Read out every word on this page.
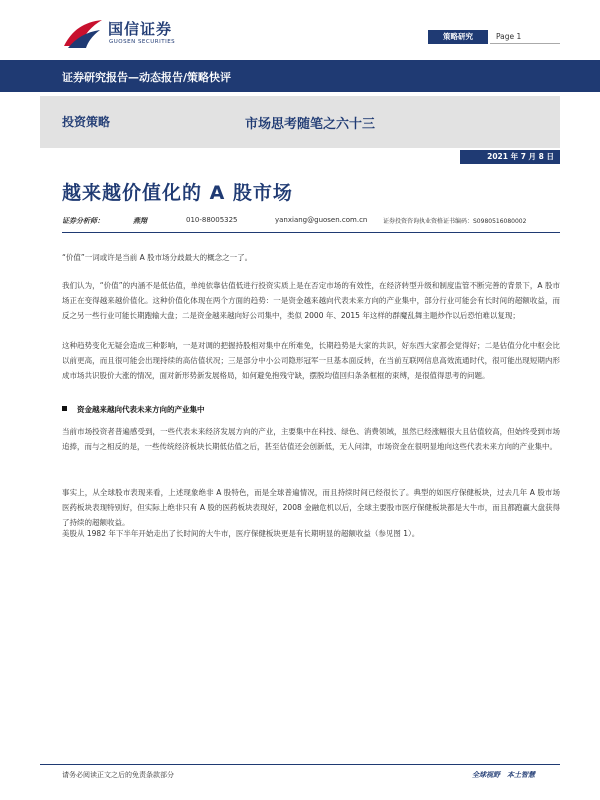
国信证券
GUOSEN SECURITIES
策略研究	Page 1
证券研究报告—动态报告/策略快评
投资策略	市场思考随笔之六十三
2021 年 7 月 8 日
越来越价值化的 A 股市场
证券分析师：	燕翔	010-88005325	yanxiang@guosen.com.cn	证券投资咨询执业资格证书编码：S0980516080002

“价值”一词或许是当前 A 股市场分歧最大的概念之一了。

我们认为，“价值”的内涵不是低估值，单纯依靠估值低进行投资实质上是在否定市场的有效性，在经济转型升级和制度监管不断完善的背景下，A 股市场正在变得越来越价值化。这种价值化体现在两个方面的趋势：一是资金越来越向代表未来方向的产业集中，部分行业可能会有长时间的超额收益，而反之另一些行业可能长期跑输大盘；二是资金越来越向好公司集中，类似 2000 年、2015 年这样的群魔乱舞主题炒作以后恐怕难以复现；

这种趋势变化无疑会造成三种影响，一是对调的把握持股相对集中在所难免，长期趋势是大家的共识，好东西大家都会觉得好；二是估值分化中枢会比以前更高，而且很可能会出现持续的高估值状况；三是部分中小公司隐形冠军一旦基本面反转，在当前互联网信息高效流通时代，很可能出现短期内形成市场共识股价大涨的情况，面对新形势新发展格局，如何避免抱残守缺，摆脱均值回归条条框框的束缚，是很值得思考的问题。

资金越来越向代表未来方向的产业集中

当前市场投资者普遍感受到，一些代表未来经济发展方向的产业，主要集中在科技、绿色、消费领域，虽然已经涨幅很大且估值较高，但始终受到市场追捧，而与之相反的是，一些传统经济板块长期低估值之后，甚至估值还会创新低，无人问津，市场资金在很明显地向这些代表未来方向的产业集中。

事实上，从全球股市表现来看，上述现象绝非 A 股特色，而是全球普遍情况，而且持续时间已经很长了。典型的如医疗保健板块，过去几年 A 股市场医药板块表现特别好，但实际上绝非只有 A 股的医药板块表现好，2008 金融危机以后，全球主要股市医疗保健板块都是大牛市，而且都跑赢大盘获得了持续的超额收益。

美股从 1982 年下半年开始走出了长时间的大牛市，医疗保健板块更是有长期明显的超额收益（参见图 1）。

请务必阅读正文之后的免责条款部分	全球视野　本土智慧
